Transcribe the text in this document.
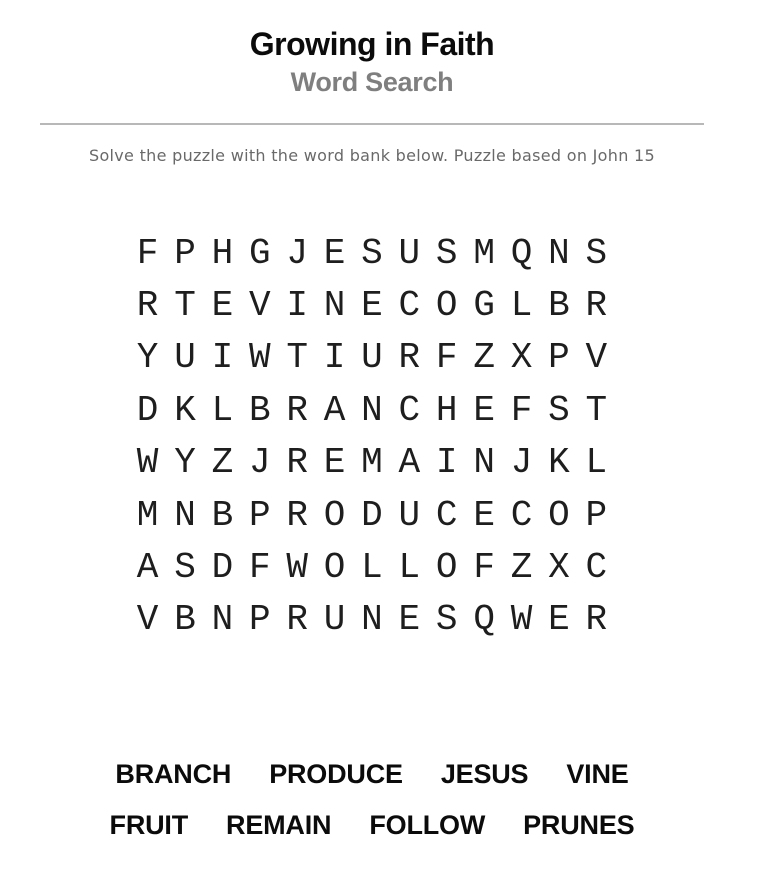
Growing in Faith
Word Search
Solve the puzzle with the word bank below. Puzzle based on John 15
F P H G J E S U S M Q N S
R T E V I N E C O G L B R
Y U I W T I U R F Z X P V
D K L B R A N C H E F S T
W Y Z J R E M A I N J K L
M N B P R O D U C E C O P
A S D F W O L L O F Z X C
V B N P R U N E S Q W E R
BRANCH PRODUCE JESUS VINE
FRUIT REMAIN FOLLOW PRUNES
